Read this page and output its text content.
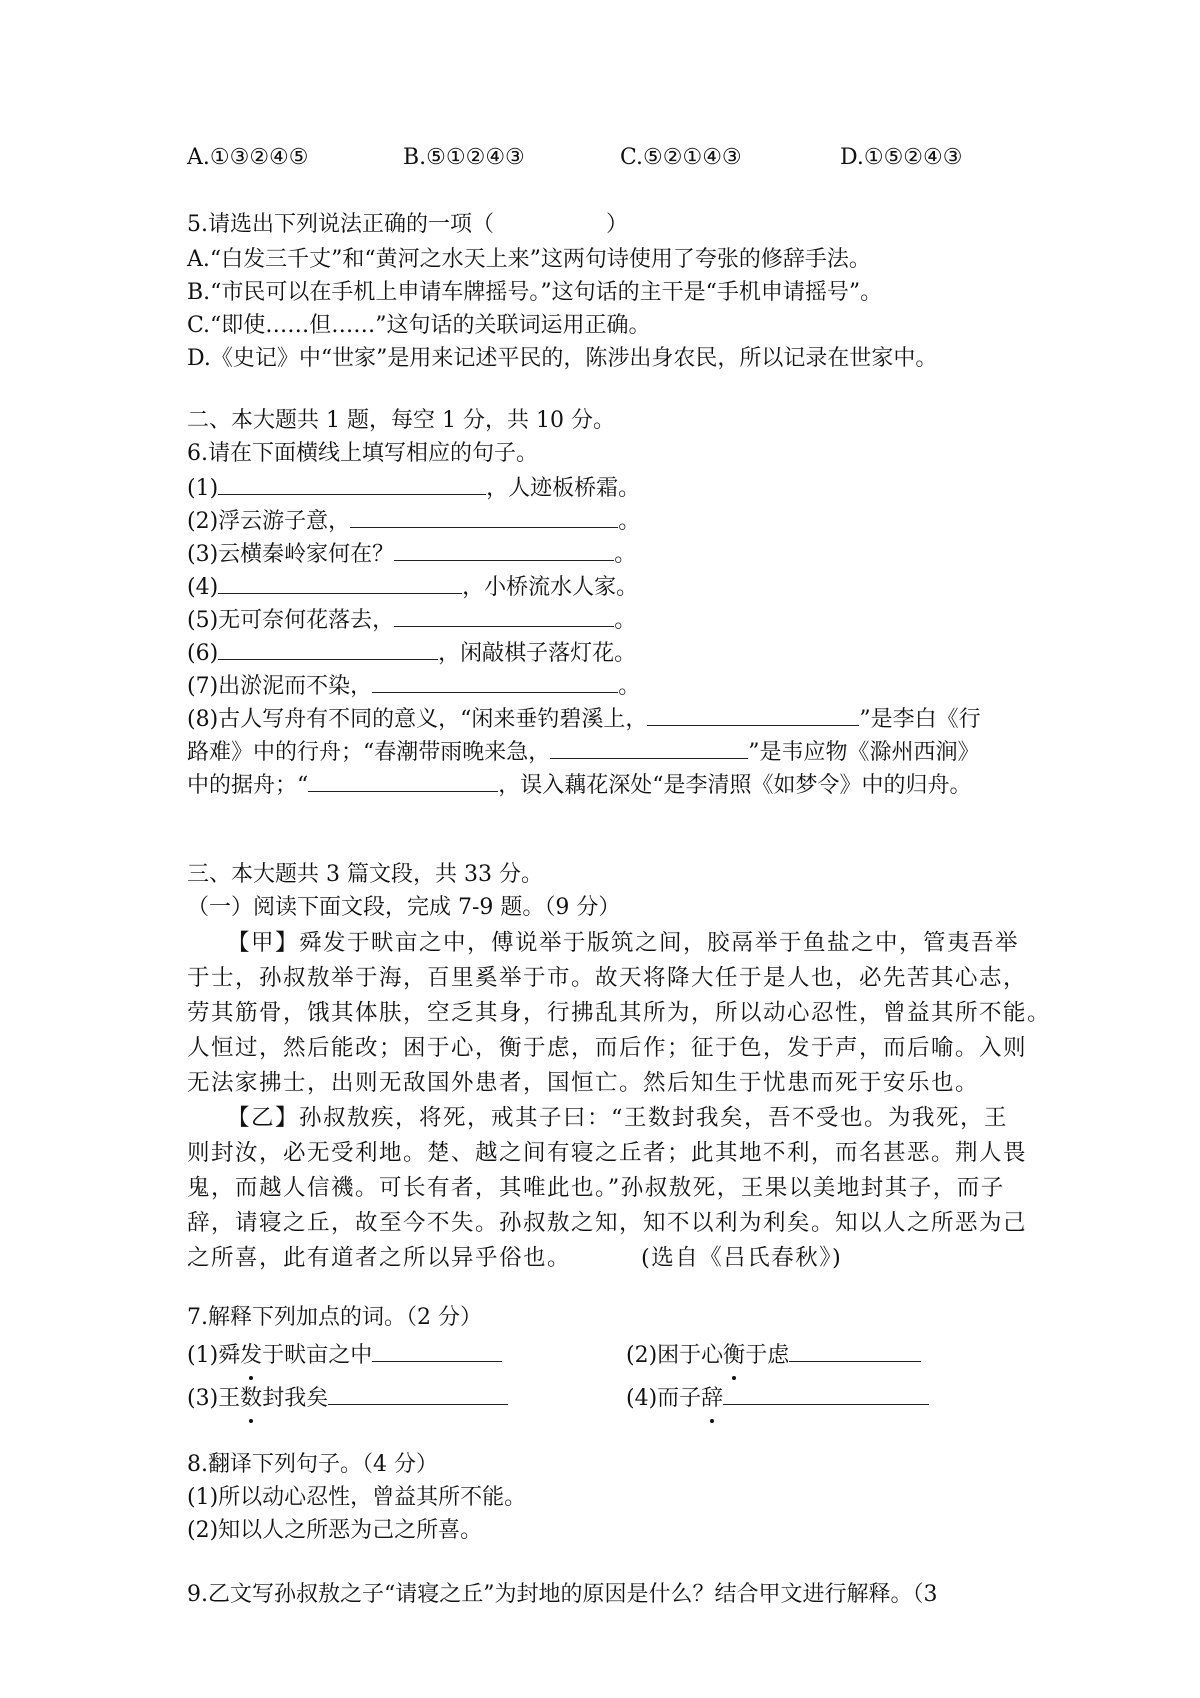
A.①③②④⑤	B.⑤①②④③	C.⑤②①④③	D.①⑤②④③
5.请选出下列说法正确的一项（	）
A.“白发三千丈”和“黄河之水天上来”这两句诗使用了夸张的修辞手法。
B.“市民可以在手机上申请车牌摇号。”这句话的主干是“手机申请摇号”。
C.“即使……但……”这句话的关联词运用正确。
D.《史记》中“世家”是用来记述平民的，陈涉出身农民，所以记录在世家中。
二、本大题共 1 题，每空 1 分，共 10 分。
6.请在下面横线上填写相应的句子。
(1)	，人迹板桥霜。
(2)浮云游子意，	。
(3)云横秦岭家何在？	。
(4)	，小桥流水人家。
(5)无可奈何花落去，	。
(6)	，闲敲棋子落灯花。
(7)出淤泥而不染，	。
(8)古人写舟有不同的意义，“闲来垂钓碧溪上，	”是李白《行
路难》中的行舟；“春潮带雨晚来急，	”是韦应物《滁州西涧》
中的据舟；“	，误入藕花深处“是李清照《如梦令》中的归舟。
三、本大题共 3 篇文段，共 33 分。
（一）阅读下面文段，完成 7-9 题。（9 分）
【甲】舜发于畎亩之中，傅说举于版筑之间，胶鬲举于鱼盐之中，管夷吾举
于士，孙叔敖举于海，百里奚举于市。故天将降大任于是人也，必先苦其心志，
劳其筋骨，饿其体肤，空乏其身，行拂乱其所为，所以动心忍性，曾益其所不能。
人恒过，然后能改；困于心，衡于虑，而后作；征于色，发于声，而后喻。入则
无法家拂士，出则无敌国外患者，国恒亡。然后知生于忧患而死于安乐也。
【乙】孙叔敖疾，将死，戒其子曰：“王数封我矣，吾不受也。为我死，王
则封汝，必无受利地。楚、越之间有寝之丘者；此其地不利，而名甚恶。荆人畏
鬼，而越人信禨。可长有者，其唯此也。”孙叔敖死，王果以美地封其子，而子
辞，请寝之丘，故至今不失。孙叔敖之知，知不以利为利矣。知以人之所恶为己
之所喜，此有道者之所以异乎俗也。	(选自《吕氏春秋》)
7.解释下列加点的词。（2 分）
(1)舜发于畎亩之中	(2)困于心衡于虑
(3)王数封我矣	(4)而子辞
8.翻译下列句子。（4 分）
(1)所以动心忍性，曾益其所不能。
(2)知以人之所恶为己之所喜。
9.乙文写孙叔敖之子“请寝之丘”为封地的原因是什么？结合甲文进行解释。（3
